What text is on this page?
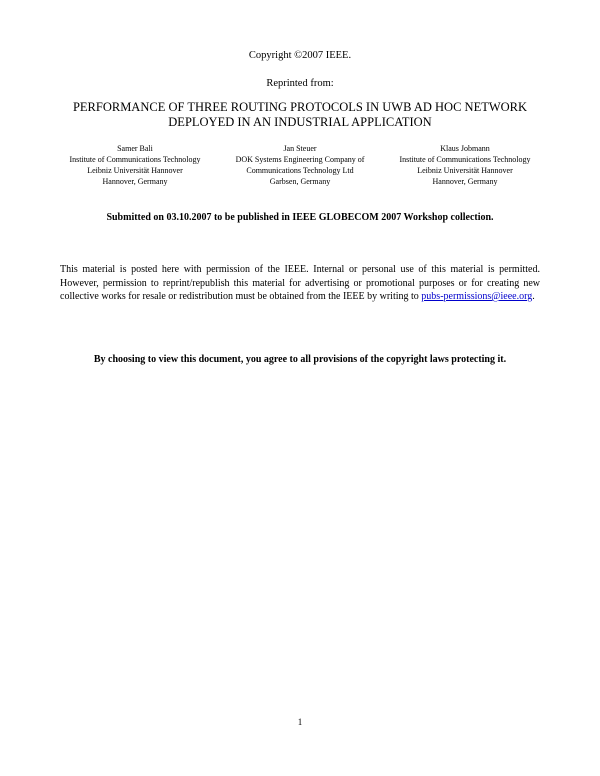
Copyright ©2007 IEEE.
Reprinted from:
PERFORMANCE OF THREE ROUTING PROTOCOLS IN UWB AD HOC NETWORK
DEPLOYED IN AN INDUSTRIAL APPLICATION
Samer Bali
Institute of Communications Technology
Leibniz Universität Hannover
Hannover, Germany
Jan Steuer
DOK Systems Engineering Company of
Communications Technology Ltd
Garbsen, Germany
Klaus Jobmann
Institute of Communications Technology
Leibniz Universität Hannover
Hannover, Germany
Submitted on 03.10.2007 to be published in IEEE GLOBECOM 2007 Workshop collection.
This material is posted here with permission of the IEEE. Internal or personal use of this material is permitted. However, permission to reprint/republish this material for advertising or promotional purposes or for creating new collective works for resale or redistribution must be obtained from the IEEE by writing to pubs-permissions@ieee.org.
By choosing to view this document, you agree to all provisions of the copyright laws protecting it.
1
